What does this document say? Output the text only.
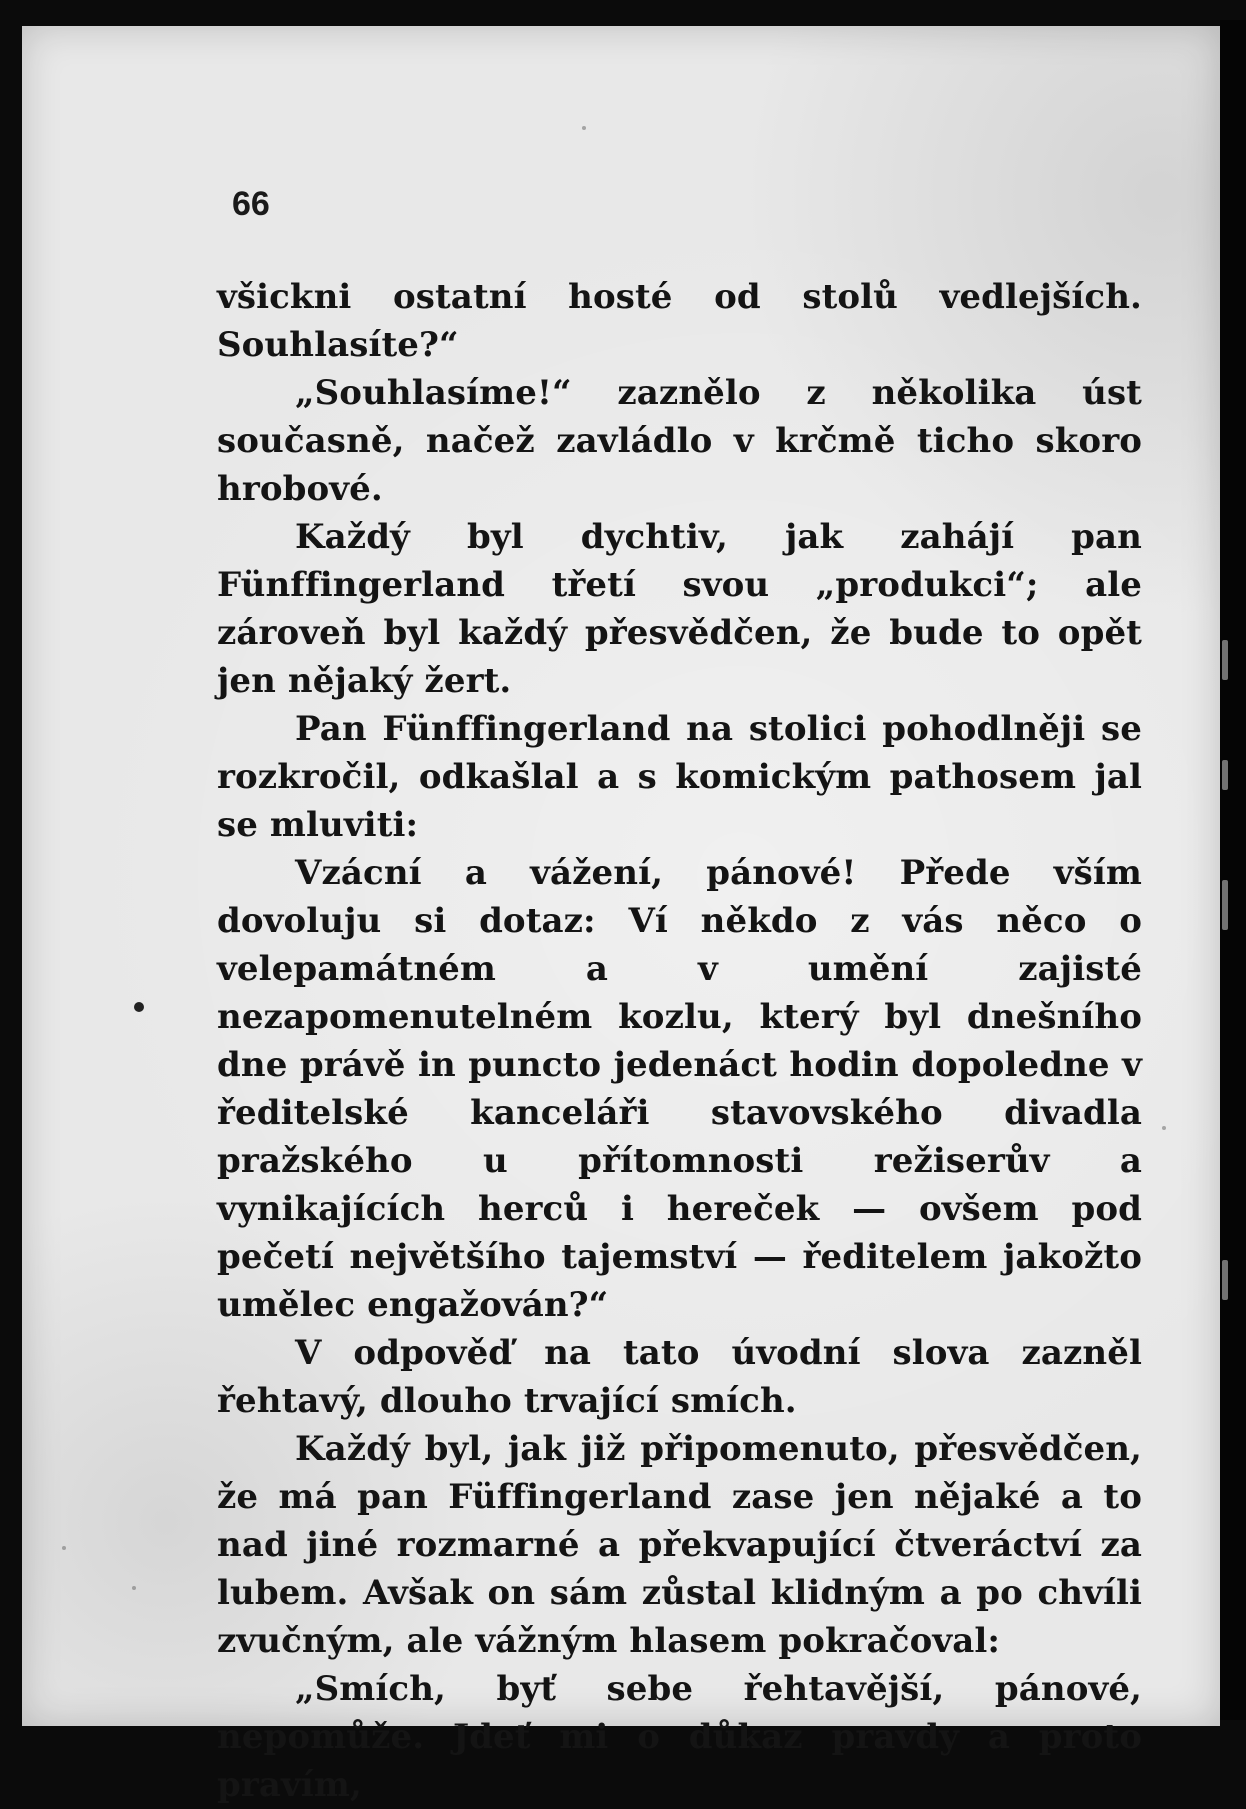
66

všickni ostatní hosté od stolů vedlejších. Souhlasíte?“

„Souhlasíme!“ zaznělo z několika úst současně, načež zavládlo v krčmě ticho skoro hrobové.

Každý byl dychtiv, jak zahájí pan Fünffingerland třetí svou „produkci“; ale zároveň byl každý přesvědčen, že bude to opět jen nějaký žert.

Pan Fünffingerland na stolici pohodlněji se rozkročil, odkašlal a s komickým pathosem jal se mluviti:

Vzácní a vážení, pánové! Přede vším dovoluju si dotaz: Ví někdo z vás něco o velepamátném a v umění zajisté nezapomenutelném kozlu, který byl dnešního dne právě in puncto jedenáct hodin dopoledne v ředitelské kanceláři stavovského divadla pražského u přítomnosti režiserův a vynikajících herců i hereček — ovšem pod pečetí největšího tajemství — ředitelem jakožto umělec engažován?“

V odpověď na tato úvodní slova zazněl řehtavý, dlouho trvající smích.

Každý byl, jak již připomenuto, přesvědčen, že má pan Füffingerland zase jen nějaké a to nad jiné rozmarné a překvapující čtveráctví za lubem. Avšak on sám zůstal klidným a po chvíli zvučným, ale vážným hlasem pokračoval:

„Smích, byť sebe řehtavější, pánové, nepomůže. Jdeť mi o důkaz pravdy a proto pravím,
